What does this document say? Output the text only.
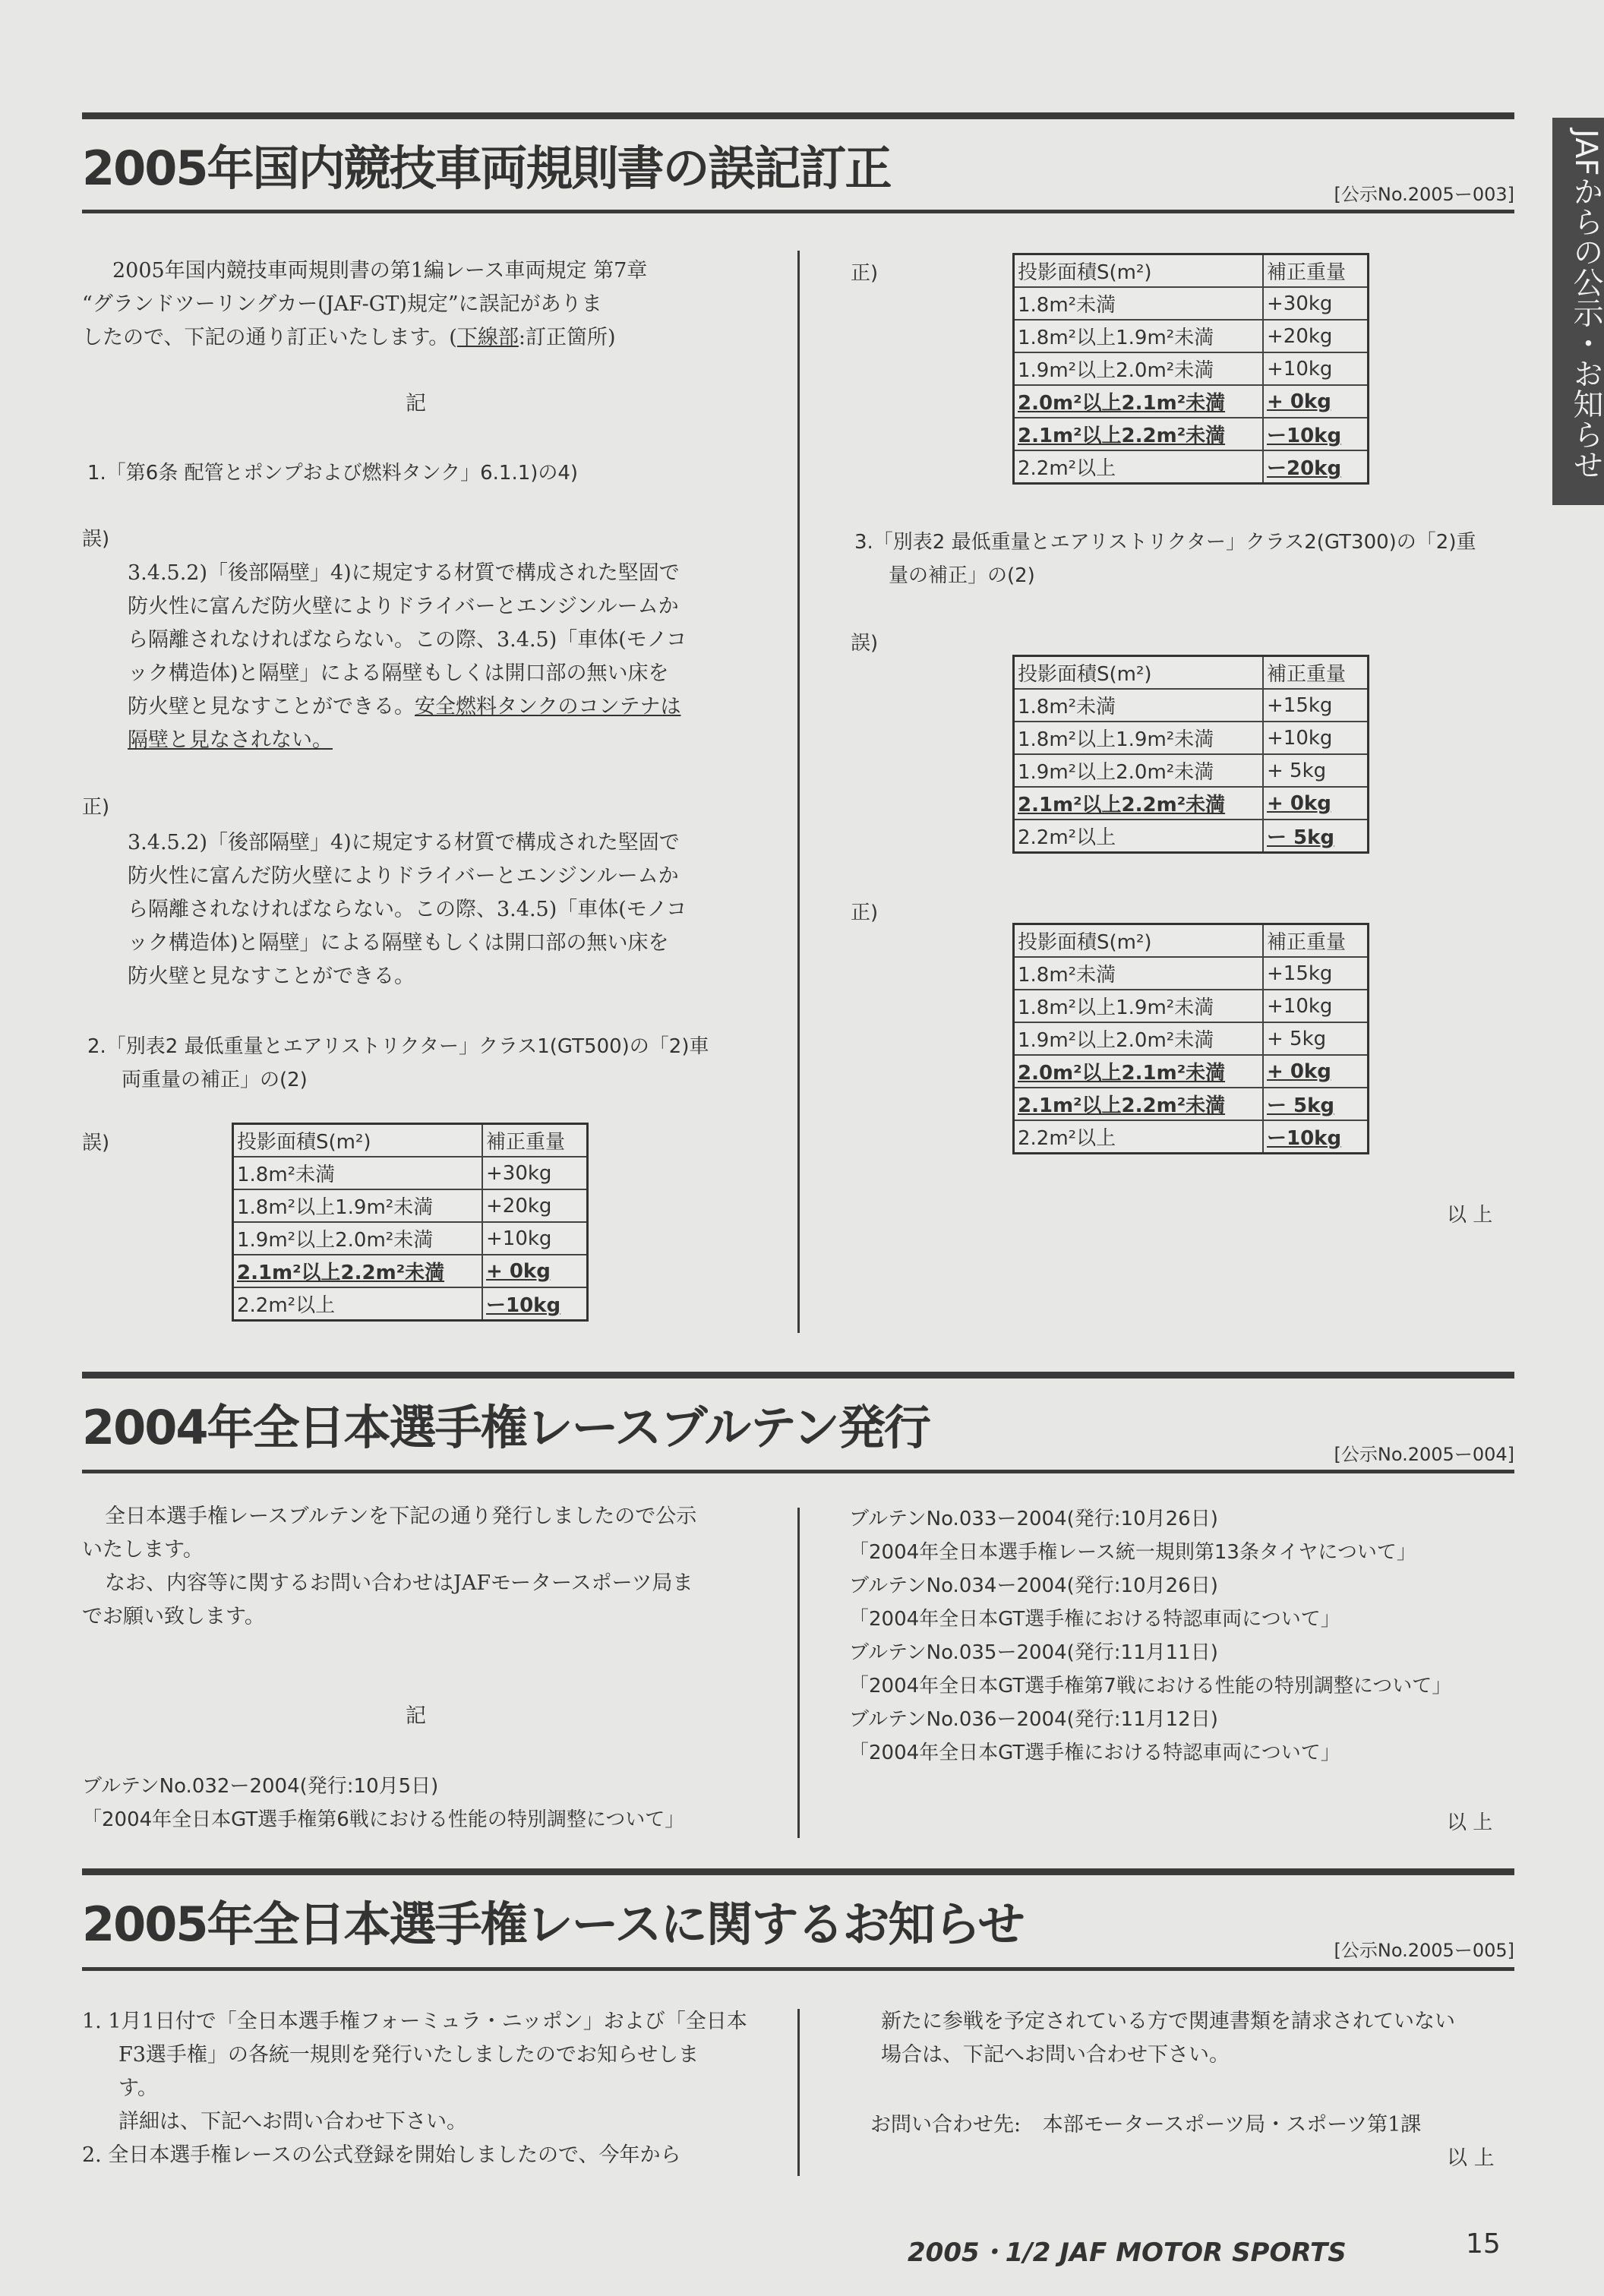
JAFからの公示・お知らせ
2005年国内競技車両規則書の誤記訂正	[公示No.2005ー003]
2005年国内競技車両規則書の第1編レース車両規定 第7章
“グランドツーリングカー(JAF-GT)規定”に誤記がありま
したので、下記の通り訂正いたします。(下線部:訂正箇所)
記
1.「第6条 配管とポンプおよび燃料タンク」6.1.1)の4)
誤)
3.4.5.2)「後部隔壁」4)に規定する材質で構成された堅固で
防火性に富んだ防火壁によりドライバーとエンジンルームか
ら隔離されなければならない。この際、3.4.5)「車体(モノコ
ック構造体)と隔壁」による隔壁もしくは開口部の無い床を
防火壁と見なすことができる。安全燃料タンクのコンテナは
隔壁と見なされない。
正)
3.4.5.2)「後部隔壁」4)に規定する材質で構成された堅固で
防火性に富んだ防火壁によりドライバーとエンジンルームか
ら隔離されなければならない。この際、3.4.5)「車体(モノコ
ック構造体)と隔壁」による隔壁もしくは開口部の無い床を
防火壁と見なすことができる。
2.「別表2 最低重量とエアリストリクター」クラス1(GT500)の「2)車
両重量の補正」の(2)
誤)	投影面積S(m²)	補正重量
1.8m²未満	+30kg
1.8m²以上1.9m²未満	+20kg
1.9m²以上2.0m²未満	+10kg
2.1m²以上2.2m²未満	+ 0kg
2.2m²以上	ー10kg
正)	投影面積S(m²)	補正重量
1.8m²未満	+30kg
1.8m²以上1.9m²未満	+20kg
1.9m²以上2.0m²未満	+10kg
2.0m²以上2.1m²未満	+ 0kg
2.1m²以上2.2m²未満	ー10kg
2.2m²以上	ー20kg
3.「別表2 最低重量とエアリストリクター」クラス2(GT300)の「2)重
量の補正」の(2)
誤)
投影面積S(m²)	補正重量
1.8m²未満	+15kg
1.8m²以上1.9m²未満	+10kg
1.9m²以上2.0m²未満	+ 5kg
2.1m²以上2.2m²未満	+ 0kg
2.2m²以上	ー 5kg
正)
投影面積S(m²)	補正重量
1.8m²未満	+15kg
1.8m²以上1.9m²未満	+10kg
1.9m²以上2.0m²未満	+ 5kg
2.0m²以上2.1m²未満	+ 0kg
2.1m²以上2.2m²未満	ー 5kg
2.2m²以上	ー10kg
以 上
2004年全日本選手権レースブルテン発行	[公示No.2005ー004]
全日本選手権レースブルテンを下記の通り発行しましたので公示
いたします。
なお、内容等に関するお問い合わせはJAFモータースポーツ局ま
でお願い致します。
記
ブルテンNo.032ー2004(発行:10月5日)
「2004年全日本GT選手権第6戦における性能の特別調整について」
ブルテンNo.033ー2004(発行:10月26日)
「2004年全日本選手権レース統一規則第13条タイヤについて」
ブルテンNo.034ー2004(発行:10月26日)
「2004年全日本GT選手権における特認車両について」
ブルテンNo.035ー2004(発行:11月11日)
「2004年全日本GT選手権第7戦における性能の特別調整について」
ブルテンNo.036ー2004(発行:11月12日)
「2004年全日本GT選手権における特認車両について」
以 上
2005年全日本選手権レースに関するお知らせ	[公示No.2005ー005]
1. 1月1日付で「全日本選手権フォーミュラ・ニッポン」および「全日本
F3選手権」の各統一規則を発行いたしましたのでお知らせしま
す。
詳細は、下記へお問い合わせ下さい。
2. 全日本選手権レースの公式登録を開始しましたので、今年から
新たに参戦を予定されている方で関連書類を請求されていない
場合は、下記へお問い合わせ下さい。
お問い合わせ先: 本部モータースポーツ局・スポーツ第1課
以 上
2005・1/2 JAF MOTOR SPORTS	15
